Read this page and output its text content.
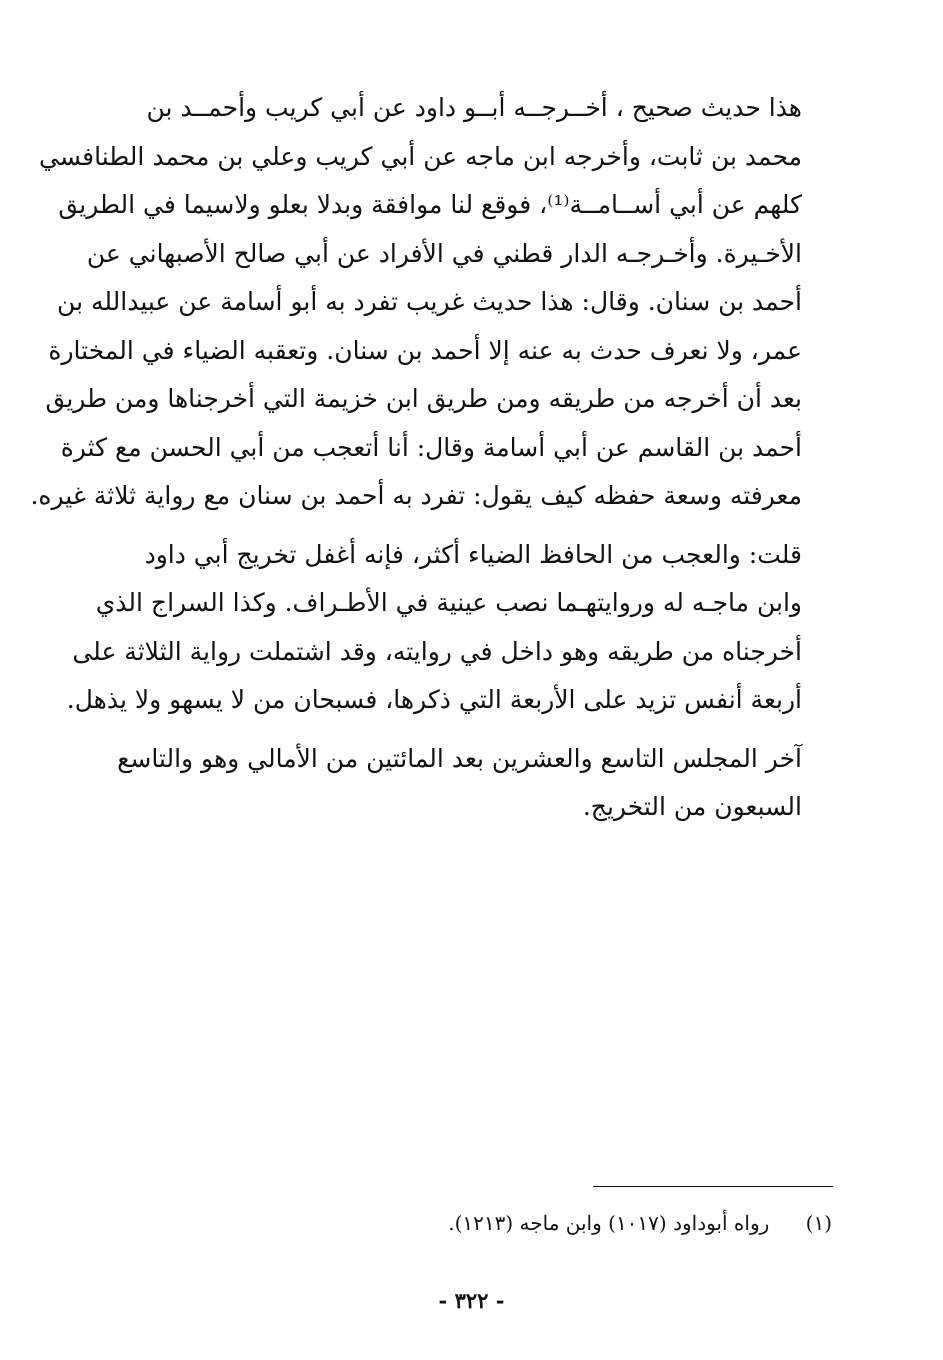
هذا حديث صحيح ، أخــرجــه أبــو داود عن أبي كريب وأحمــد بن
محمد بن ثابت، وأخرجه ابن ماجه عن أبي كريب وعلي بن محمد الطنافسي
كلهم عن أبي أســامــة⁽¹⁾، فوقع لنا موافقة وبدلا بعلو ولاسيما في الطريق
الأخـيرة. وأخـرجـه الدار قطني في الأفراد عن أبي صالح الأصبهاني عن
أحمد بن سنان. وقال: هذا حديث غريب تفرد به أبو أسامة عن عبيدالله بن
عمر، ولا نعرف حدث به عنه إلا أحمد بن سنان. وتعقبه الضياء في المختارة
بعد أن أخرجه من طريقه ومن طريق ابن خزيمة التي أخرجناها ومن طريق
أحمد بن القاسم عن أبي أسامة وقال: أنا أتعجب من أبي الحسن مع كثرة
معرفته وسعة حفظه كيف يقول: تفرد به أحمد بن سنان مع رواية ثلاثة غيره.

قلت: والعجب من الحافظ الضياء أكثر، فإنه أغفل تخريج أبي داود
وابن ماجـه له وروايتهـما نصب عينية في الأطـراف. وكذا السراج الذي
أخرجناه من طريقه وهو داخل في روايته، وقد اشتملت رواية الثلاثة على
أربعة أنفس تزيد على الأربعة التي ذكرها، فسبحان من لا يسهو ولا يذهل.

آخر المجلس التاسع والعشرين بعد المائتين من الأمالي وهو والتاسع
السبعون من التخريج.

(١) رواه أبوداود (١٠١٧) وابن ماجه (١٢١٣).
- ٣٢٢ -
